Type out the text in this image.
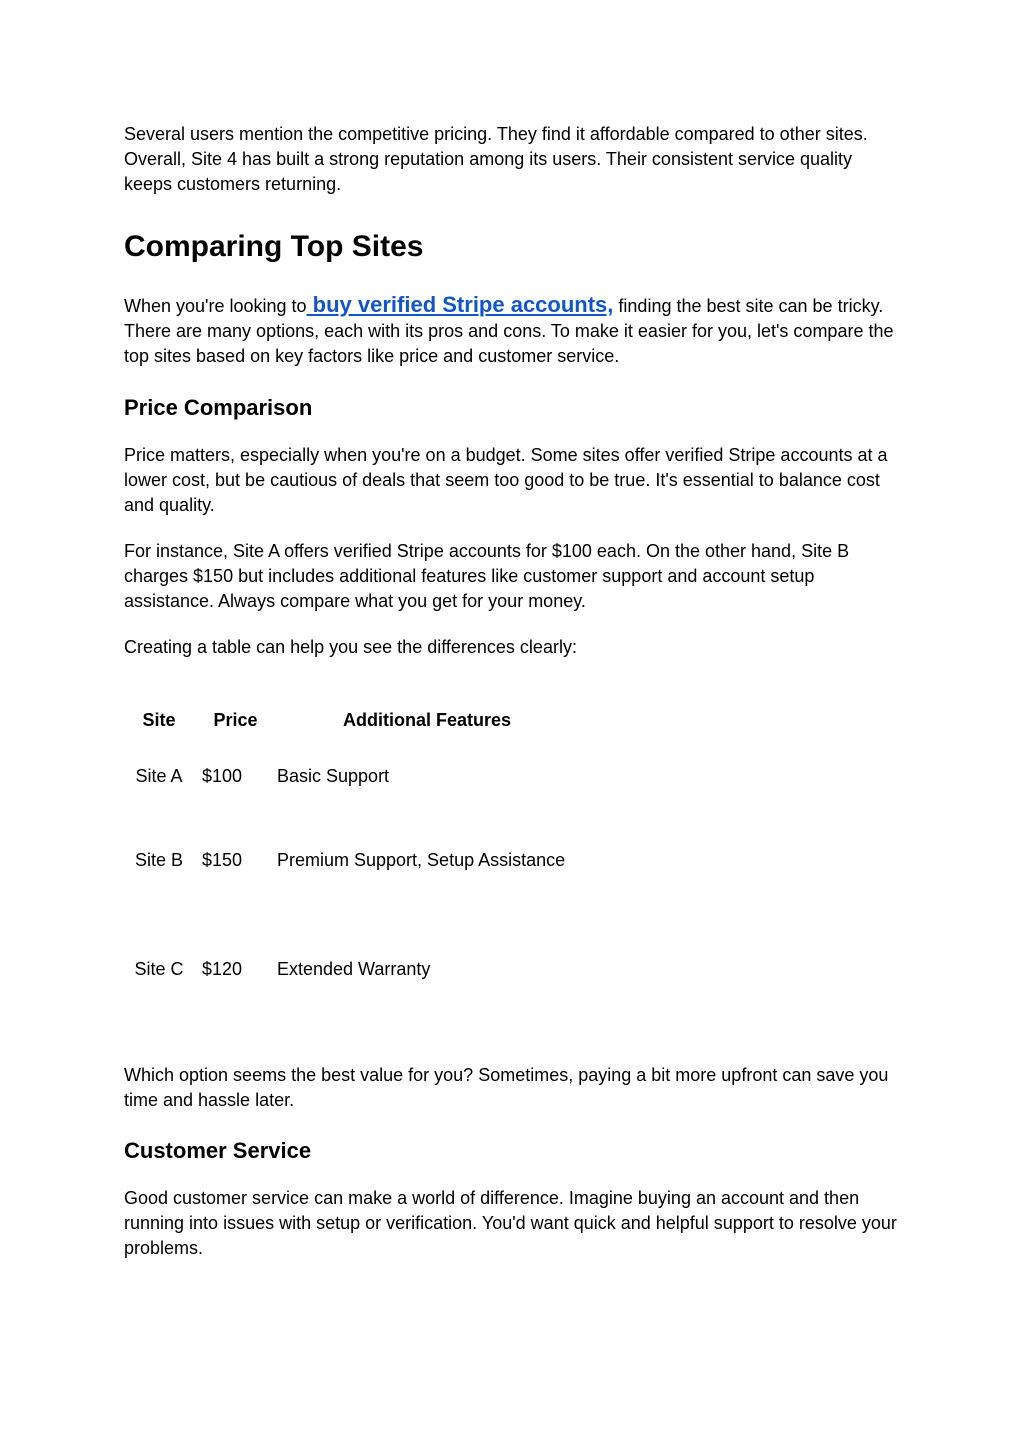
Several users mention the competitive pricing. They find it affordable compared to other sites. Overall, Site 4 has built a strong reputation among its users. Their consistent service quality keeps customers returning.

Comparing Top Sites

When you're looking to buy verified Stripe accounts, finding the best site can be tricky. There are many options, each with its pros and cons. To make it easier for you, let's compare the top sites based on key factors like price and customer service.

Price Comparison

Price matters, especially when you're on a budget. Some sites offer verified Stripe accounts at a lower cost, but be cautious of deals that seem too good to be true. It's essential to balance cost and quality.

For instance, Site A offers verified Stripe accounts for $100 each. On the other hand, Site B charges $150 but includes additional features like customer support and account setup assistance. Always compare what you get for your money.

Creating a table can help you see the differences clearly:

Site	Price	Additional Features
Site A	$100	Basic Support
Site B	$150	Premium Support, Setup Assistance
Site C	$120	Extended Warranty

Which option seems the best value for you? Sometimes, paying a bit more upfront can save you time and hassle later.

Customer Service

Good customer service can make a world of difference. Imagine buying an account and then running into issues with setup or verification. You'd want quick and helpful support to resolve your problems.
